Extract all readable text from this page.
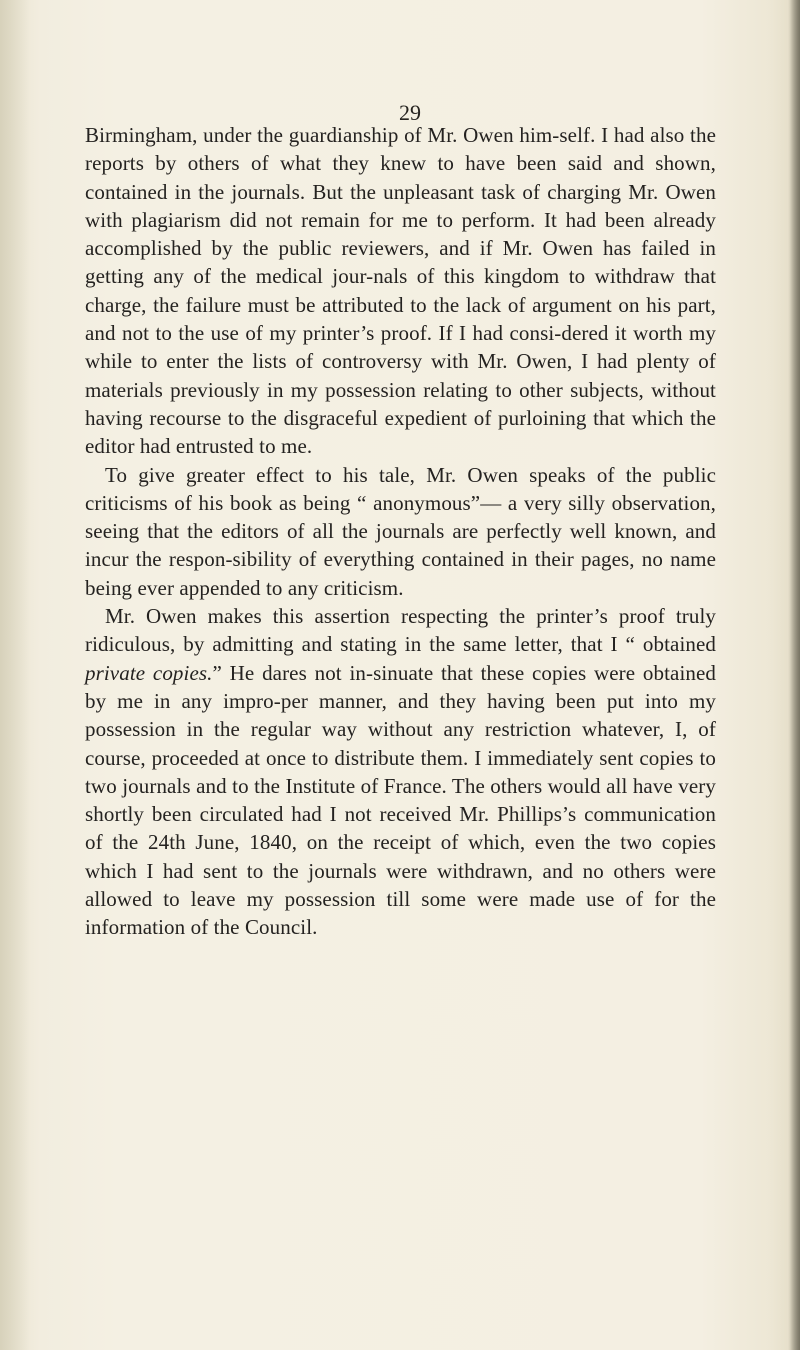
29

Birmingham, under the guardianship of Mr. Owen him-self. I had also the reports by others of what they knew to have been said and shown, contained in the journals. But the unpleasant task of charging Mr. Owen with plagiarism did not remain for me to perform. It had been already accomplished by the public reviewers, and if Mr. Owen has failed in getting any of the medical jour-nals of this kingdom to withdraw that charge, the failure must be attributed to the lack of argument on his part, and not to the use of my printer’s proof. If I had consi-dered it worth my while to enter the lists of controversy with Mr. Owen, I had plenty of materials previously in my possession relating to other subjects, without having recourse to the disgraceful expedient of purloining that which the editor had entrusted to me.

To give greater effect to his tale, Mr. Owen speaks of the public criticisms of his book as being “ anonymous”— a very silly observation, seeing that the editors of all the journals are perfectly well known, and incur the respon-sibility of everything contained in their pages, no name being ever appended to any criticism.

Mr. Owen makes this assertion respecting the printer’s proof truly ridiculous, by admitting and stating in the same letter, that I “ obtained private copies.” He dares not in-sinuate that these copies were obtained by me in any impro-per manner, and they having been put into my possession in the regular way without any restriction whatever, I, of course, proceeded at once to distribute them. I immediately sent copies to two journals and to the Institute of France. The others would all have very shortly been circulated had I not received Mr. Phillips’s communication of the 24th June, 1840, on the receipt of which, even the two copies which I had sent to the journals were withdrawn, and no others were allowed to leave my possession till some were made use of for the information of the Council.
